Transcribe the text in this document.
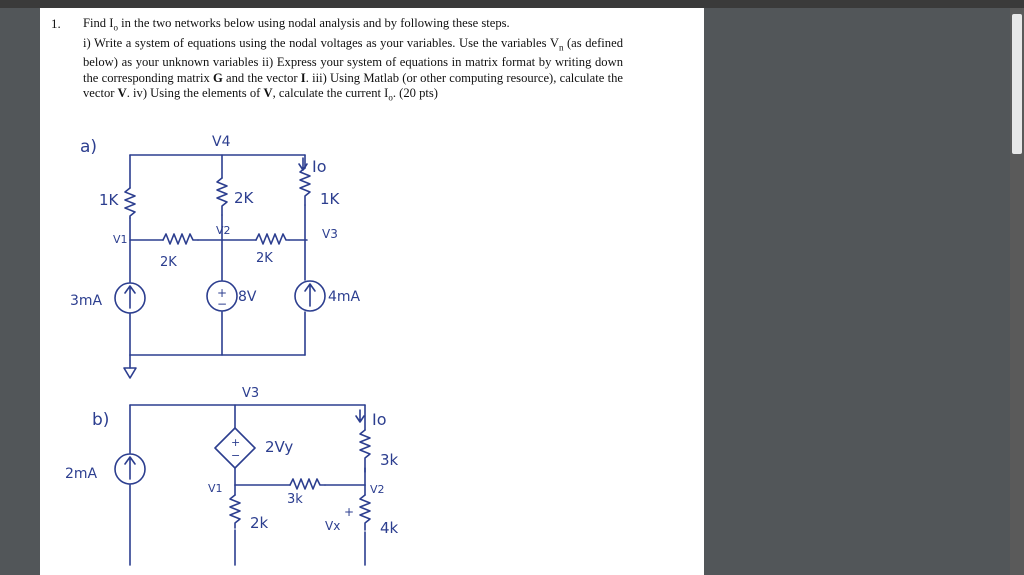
1. Find $I_o$ in the two networks below using nodal analysis and by following these steps.
i) Write a system of equations using the nodal voltages as your variables. Use the variables $V_n$ (as defined below) as your unknown variables ii) Express your system of equations in matrix format by writing down the corresponding matrix G and the vector I. iii) Using Matlab (or other computing resource), calculate the vector V. iv) Using the elements of V, calculate the current $I_o$. (20 pts)
a)	V4
V1
V2	V3
1K	2K	1K
2K	2K
Io
3mA	8V	4mA
+
−
b)
V3
V1	V2
Io
2Vy
3k
3k
2k	4k
Vx
+
2mA
+
−
